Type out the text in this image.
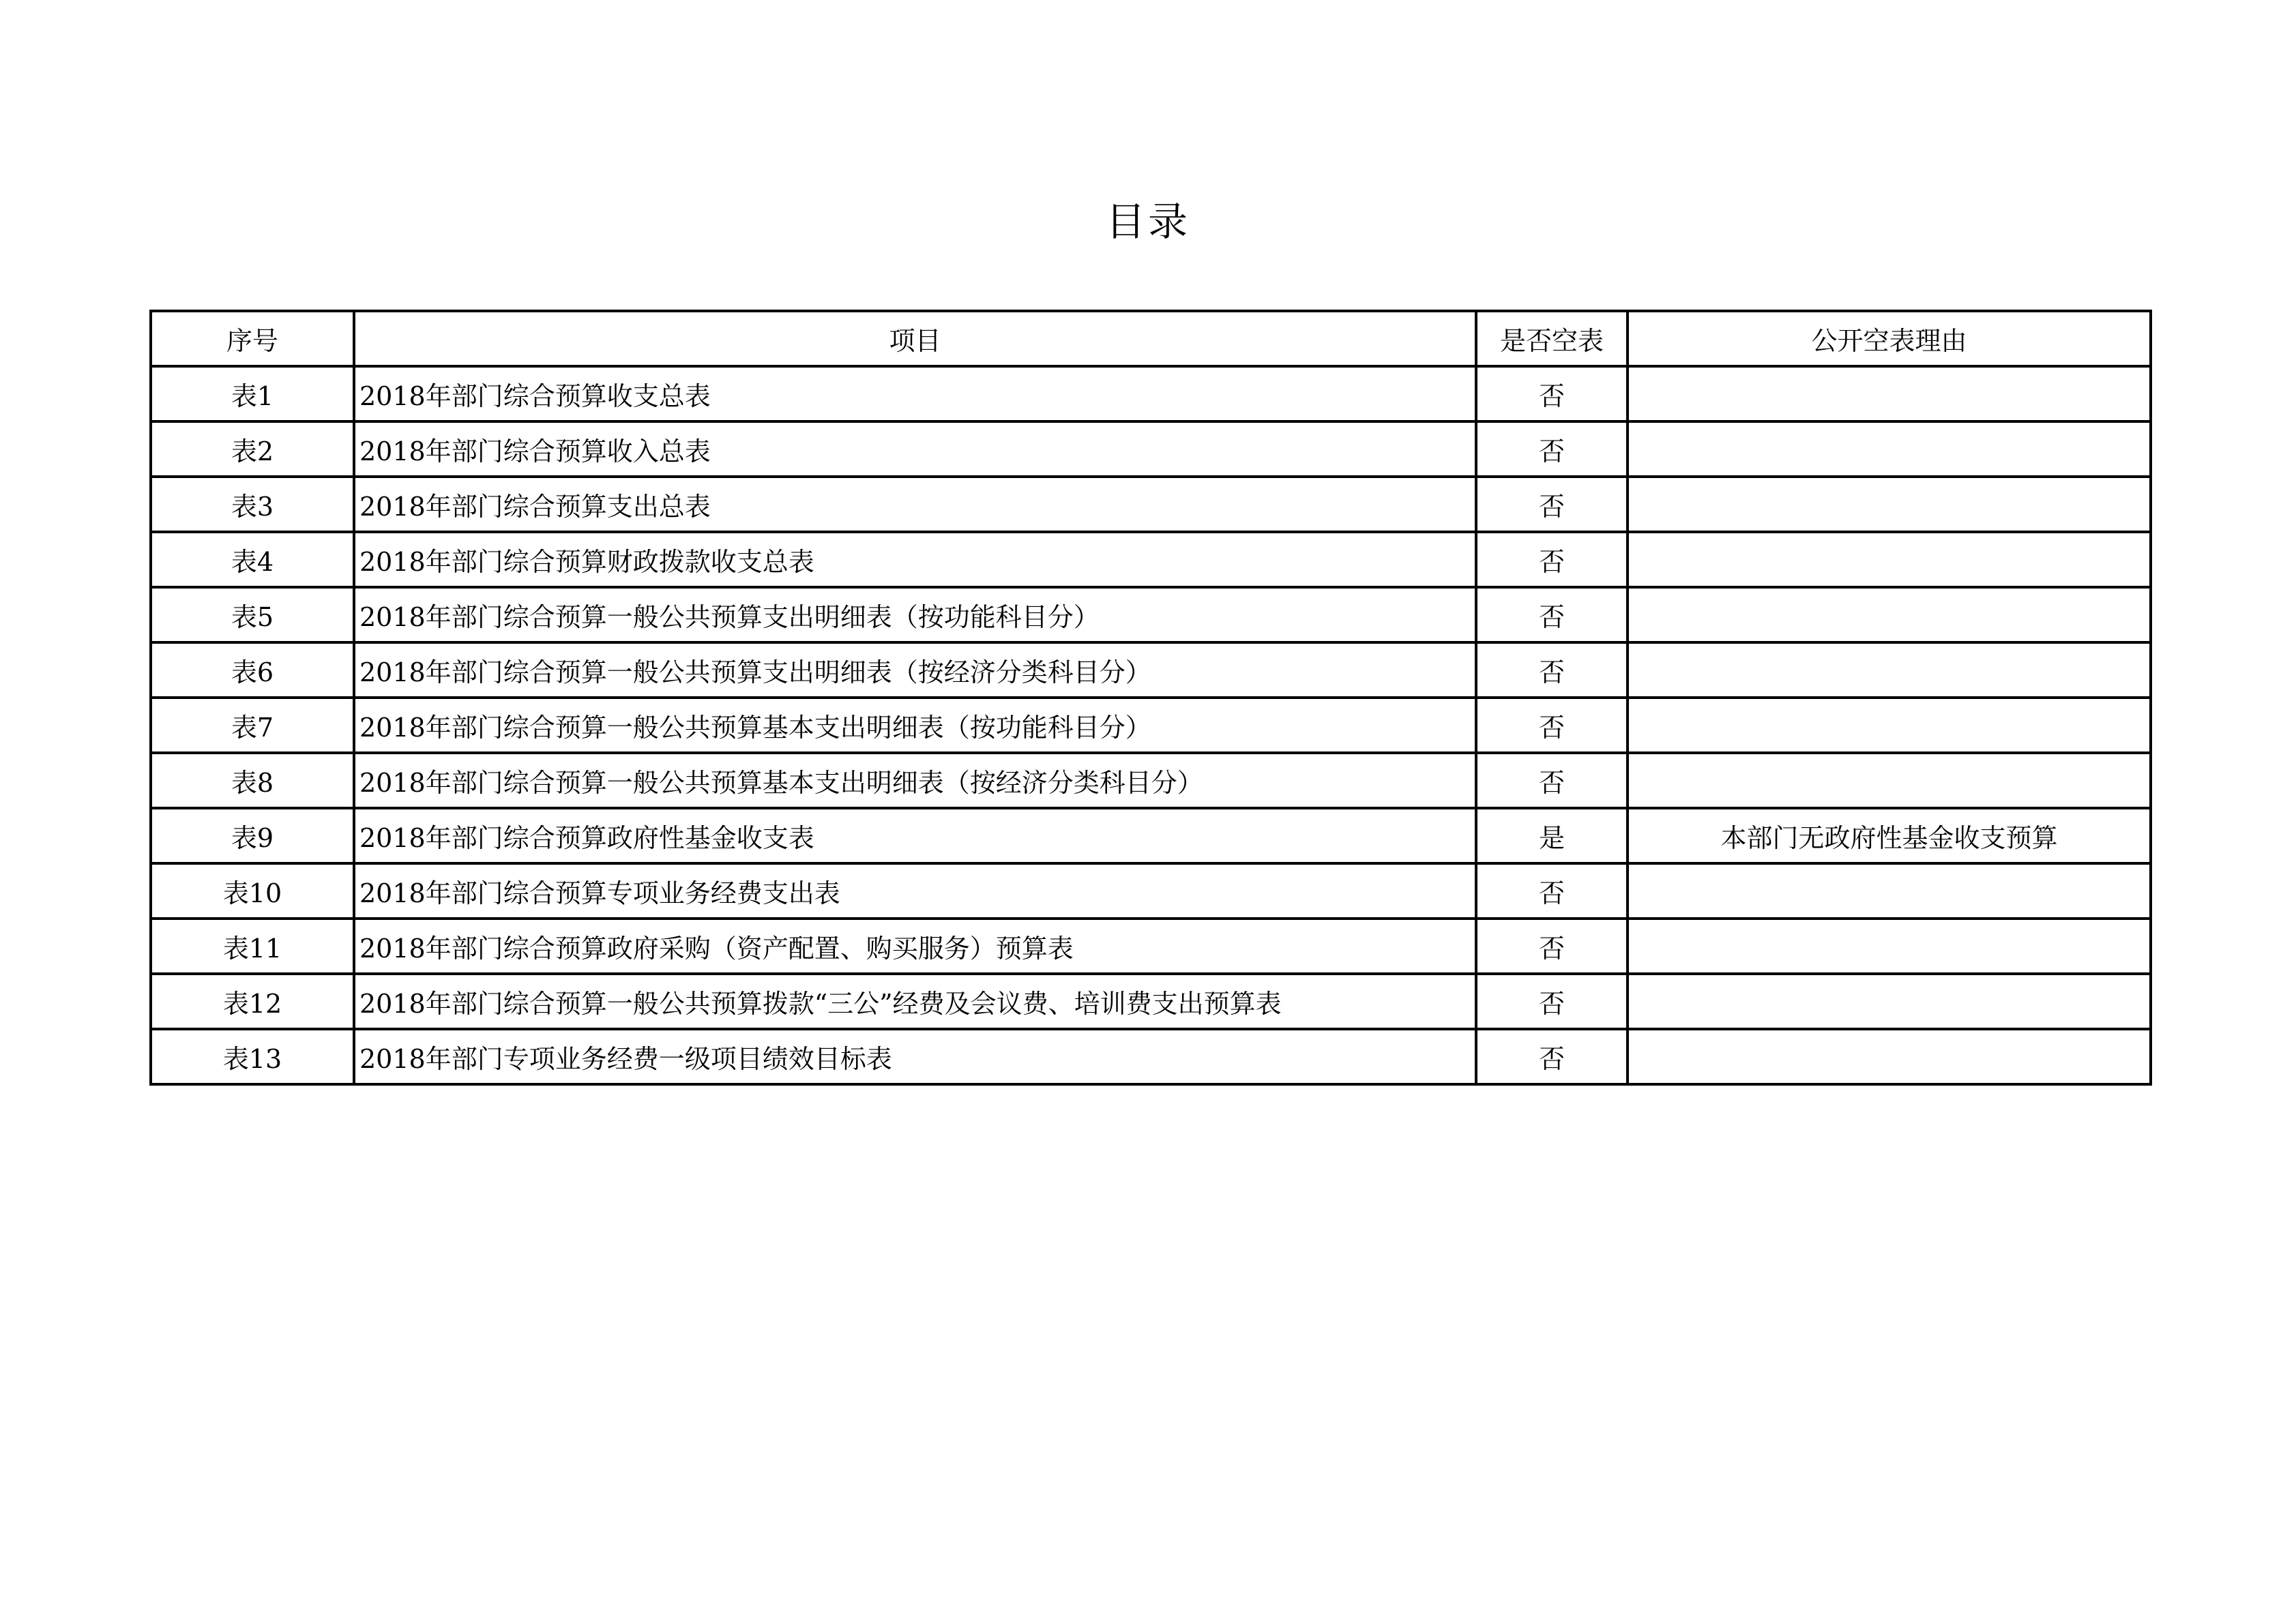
目录
序号	项目	是否空表	公开空表理由
表1	2018年部门综合预算收支总表	否	
表2	2018年部门综合预算收入总表	否	
表3	2018年部门综合预算支出总表	否	
表4	2018年部门综合预算财政拨款收支总表	否	
表5	2018年部门综合预算一般公共预算支出明细表（按功能科目分）	否	
表6	2018年部门综合预算一般公共预算支出明细表（按经济分类科目分）	否	
表7	2018年部门综合预算一般公共预算基本支出明细表（按功能科目分）	否	
表8	2018年部门综合预算一般公共预算基本支出明细表（按经济分类科目分）	否	
表9	2018年部门综合预算政府性基金收支表	是	本部门无政府性基金收支预算
表10	2018年部门综合预算专项业务经费支出表	否	
表11	2018年部门综合预算政府采购（资产配置、购买服务）预算表	否	
表12	2018年部门综合预算一般公共预算拨款“三公”经费及会议费、培训费支出预算表	否	
表13	2018年部门专项业务经费一级项目绩效目标表	否	
